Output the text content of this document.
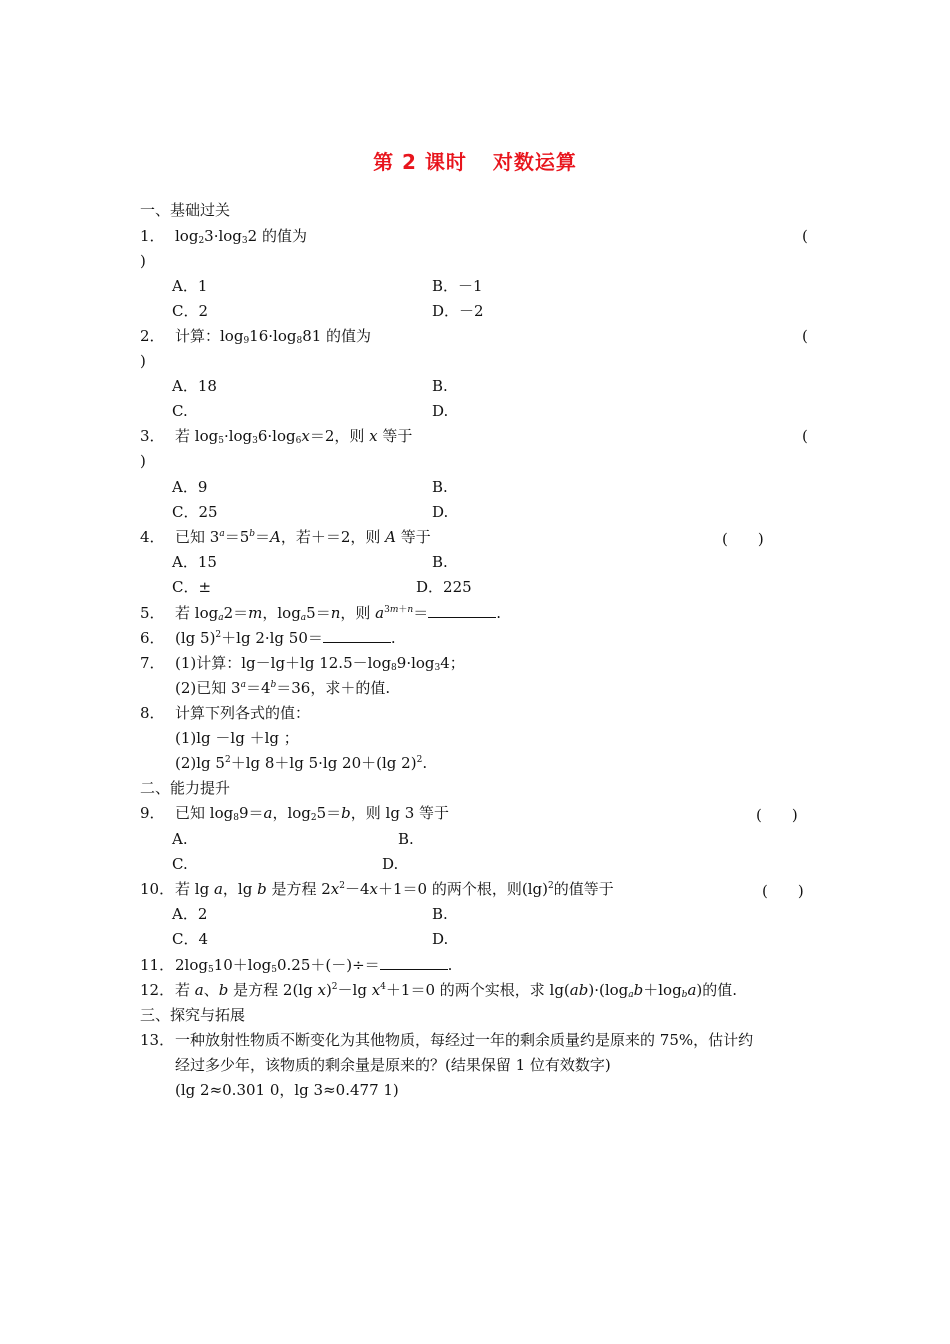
第 2 课时 对数运算
一、基础过关
1． $\log_23\cdot\log_32$ 的值为	(
)
A．1	B．－1
C．2	D．－2
2． 计算：$\log_916\cdot\log_881$ 的值为	(
)
A．18	B.
C.	D.
3． 若 $\log_5\cdot\log_36\cdot\log_6x=2$，则 x 等于	(
)
A．9	B.
C．25	D.
4． 已知 $3^a=5^b=A$，若＋＝2，则 A 等于	(　　)
A．15	B.
C．±	D．225
5． 若 $\log_a2=m$，$\log_a5=n$，则 $a^{3m+n}=$	.
6． (lg 5)$^2$＋lg 2·lg 50＝	.
7． (1)计算：lg－lg＋lg $12.5-\log_89\cdot\log_34$；
(2)已知 $3^a=4^b=36$，求＋的值.
8． 计算下列各式的值：
(1)lg －lg ＋lg ；
(2)lg $5^2+\lg$ 8＋lg 5·lg 20＋(lg 2)$^2$.
二、能力提升
9． 已知 $\log_89=a$，$\log_25=b$，则 lg 3 等于	(　　)
A.	B.
C.	D.
10． 若 lg a，lg b 是方程 $2x^2-4x+1=0$ 的两个根，则$(\lg)^2$的值等于	(　　)
A．2	B.
C．4	D.
11． $2\log_510+\log_50.25+(-)\div=$	.
12． 若 a、b 是方程 2(lg x)$^2$－lg $x^4+1=0$ 的两个实根，求 $\lg(ab)\cdot(\log_ab+\log_ba)$的值.
三、探究与拓展
13． 一种放射性物质不断变化为其他物质，每经过一年的剩余质量约是原来的 75%，估计约
经过多少年，该物质的剩余量是原来的？(结果保留 1 位有效数字)
(lg 2≈0.301 0，lg 3≈0.477 1)
